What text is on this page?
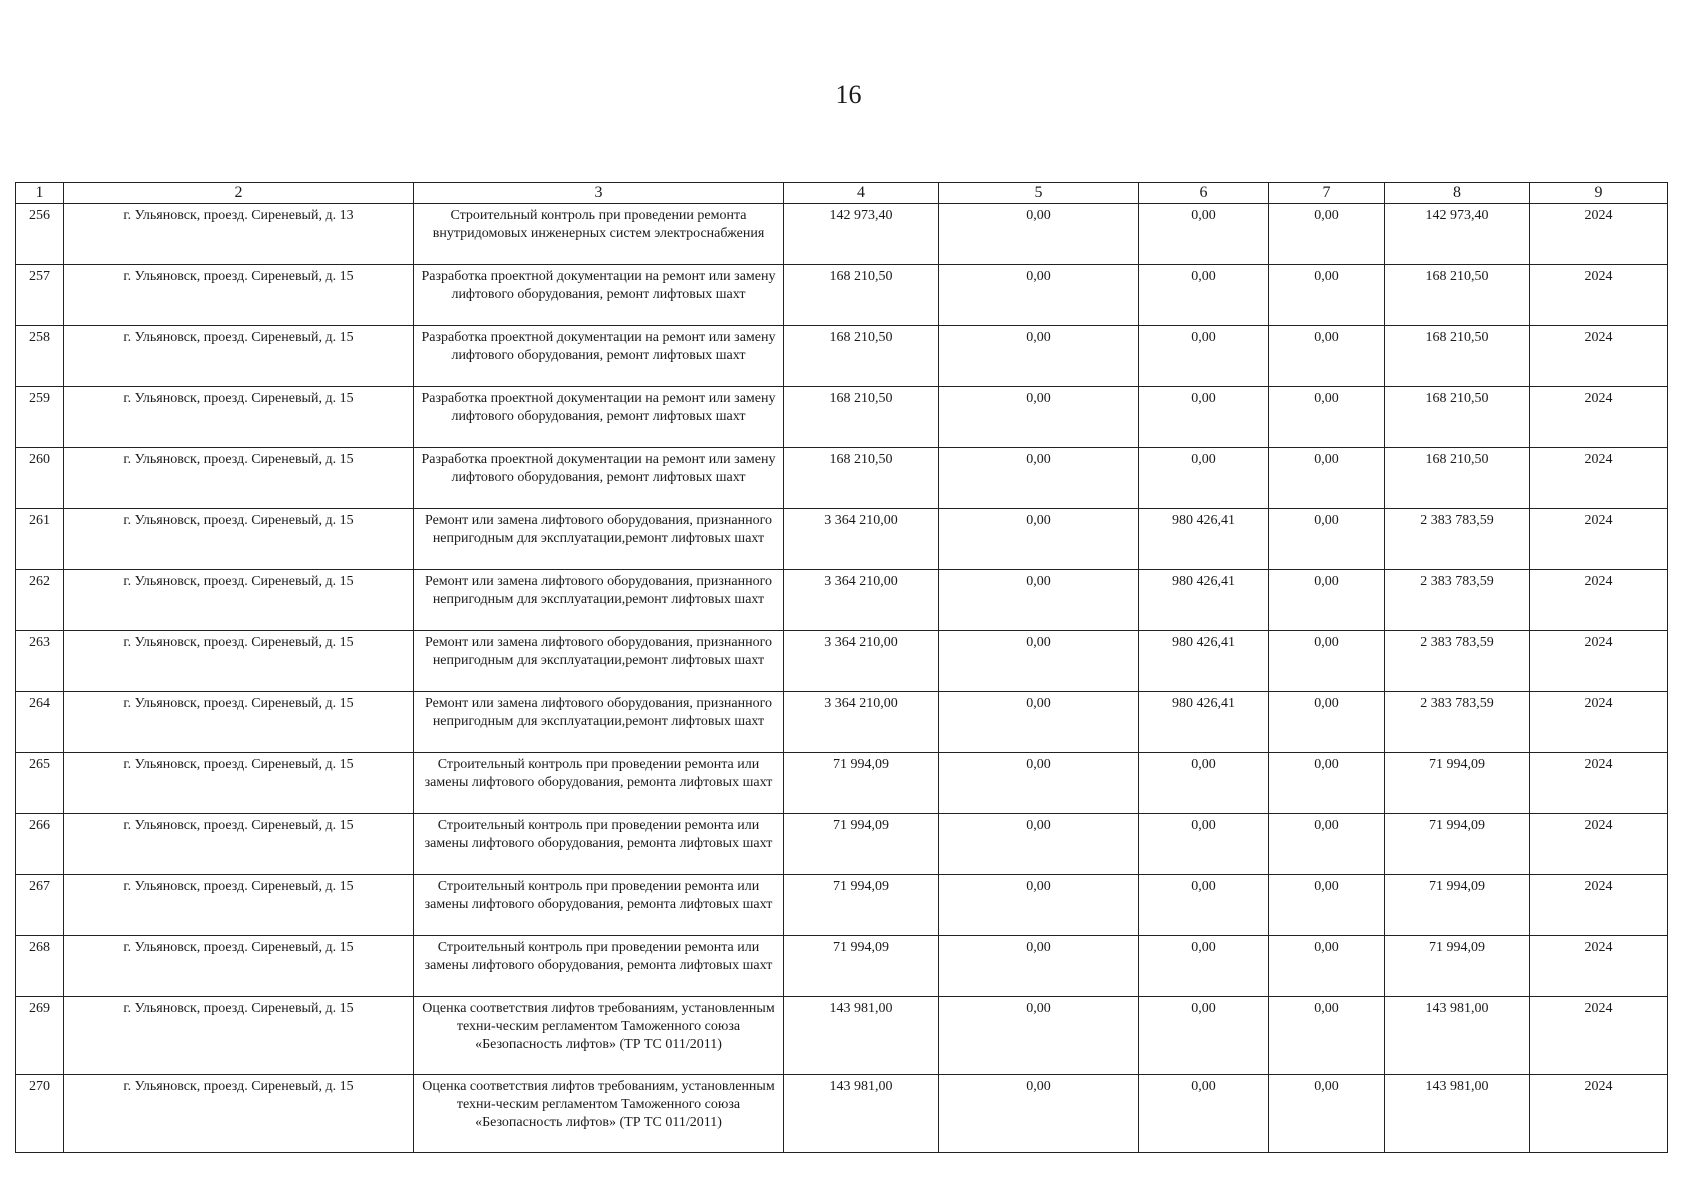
16
1	2	3	4	5	6	7	8	9
256	г. Ульяновск, проезд. Сиреневый, д. 13	Строительный контроль при проведении ремонта внутридомовых инженерных систем электроснабжения	142 973,40	0,00	0,00	0,00	142 973,40	2024
257	г. Ульяновск, проезд. Сиреневый, д. 15	Разработка проектной документации на ремонт или замену лифтового оборудования, ремонт лифтовых шахт	168 210,50	0,00	0,00	0,00	168 210,50	2024
258	г. Ульяновск, проезд. Сиреневый, д. 15	Разработка проектной документации на ремонт или замену лифтового оборудования, ремонт лифтовых шахт	168 210,50	0,00	0,00	0,00	168 210,50	2024
259	г. Ульяновск, проезд. Сиреневый, д. 15	Разработка проектной документации на ремонт или замену лифтового оборудования, ремонт лифтовых шахт	168 210,50	0,00	0,00	0,00	168 210,50	2024
260	г. Ульяновск, проезд. Сиреневый, д. 15	Разработка проектной документации на ремонт или замену лифтового оборудования, ремонт лифтовых шахт	168 210,50	0,00	0,00	0,00	168 210,50	2024
261	г. Ульяновск, проезд. Сиреневый, д. 15	Ремонт или замена лифтового оборудования, признанного непригодным для эксплуатации,ремонт лифтовых шахт	3 364 210,00	0,00	980 426,41	0,00	2 383 783,59	2024
262	г. Ульяновск, проезд. Сиреневый, д. 15	Ремонт или замена лифтового оборудования, признанного непригодным для эксплуатации,ремонт лифтовых шахт	3 364 210,00	0,00	980 426,41	0,00	2 383 783,59	2024
263	г. Ульяновск, проезд. Сиреневый, д. 15	Ремонт или замена лифтового оборудования, признанного непригодным для эксплуатации,ремонт лифтовых шахт	3 364 210,00	0,00	980 426,41	0,00	2 383 783,59	2024
264	г. Ульяновск, проезд. Сиреневый, д. 15	Ремонт или замена лифтового оборудования, признанного непригодным для эксплуатации,ремонт лифтовых шахт	3 364 210,00	0,00	980 426,41	0,00	2 383 783,59	2024
265	г. Ульяновск, проезд. Сиреневый, д. 15	Строительный контроль при проведении ремонта или замены лифтового оборудования, ремонта лифтовых шахт	71 994,09	0,00	0,00	0,00	71 994,09	2024
266	г. Ульяновск, проезд. Сиреневый, д. 15	Строительный контроль при проведении ремонта или замены лифтового оборудования, ремонта лифтовых шахт	71 994,09	0,00	0,00	0,00	71 994,09	2024
267	г. Ульяновск, проезд. Сиреневый, д. 15	Строительный контроль при проведении ремонта или замены лифтового оборудования, ремонта лифтовых шахт	71 994,09	0,00	0,00	0,00	71 994,09	2024
268	г. Ульяновск, проезд. Сиреневый, д. 15	Строительный контроль при проведении ремонта или замены лифтового оборудования, ремонта лифтовых шахт	71 994,09	0,00	0,00	0,00	71 994,09	2024
269	г. Ульяновск, проезд. Сиреневый, д. 15	Оценка соответствия лифтов требованиям, установленным техни-ческим регламентом Таможенного союза «Безопасность лифтов» (ТР ТС 011/2011)	143 981,00	0,00	0,00	0,00	143 981,00	2024
270	г. Ульяновск, проезд. Сиреневый, д. 15	Оценка соответствия лифтов требованиям, установленным техни-ческим регламентом Таможенного союза «Безопасность лифтов» (ТР ТС 011/2011)	143 981,00	0,00	0,00	0,00	143 981,00	2024
